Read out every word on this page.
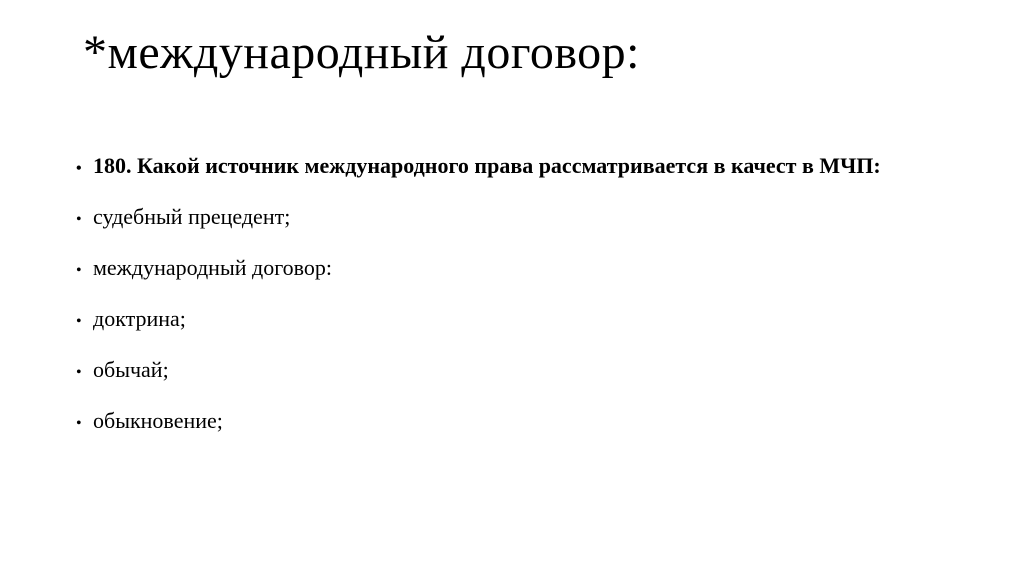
*международный договор:
• 180. Какой источник международного права рассматривается в качест в МЧП:
• судебный прецедент;
• международный договор:
• доктрина;
• обычай;
• обыкновение;
